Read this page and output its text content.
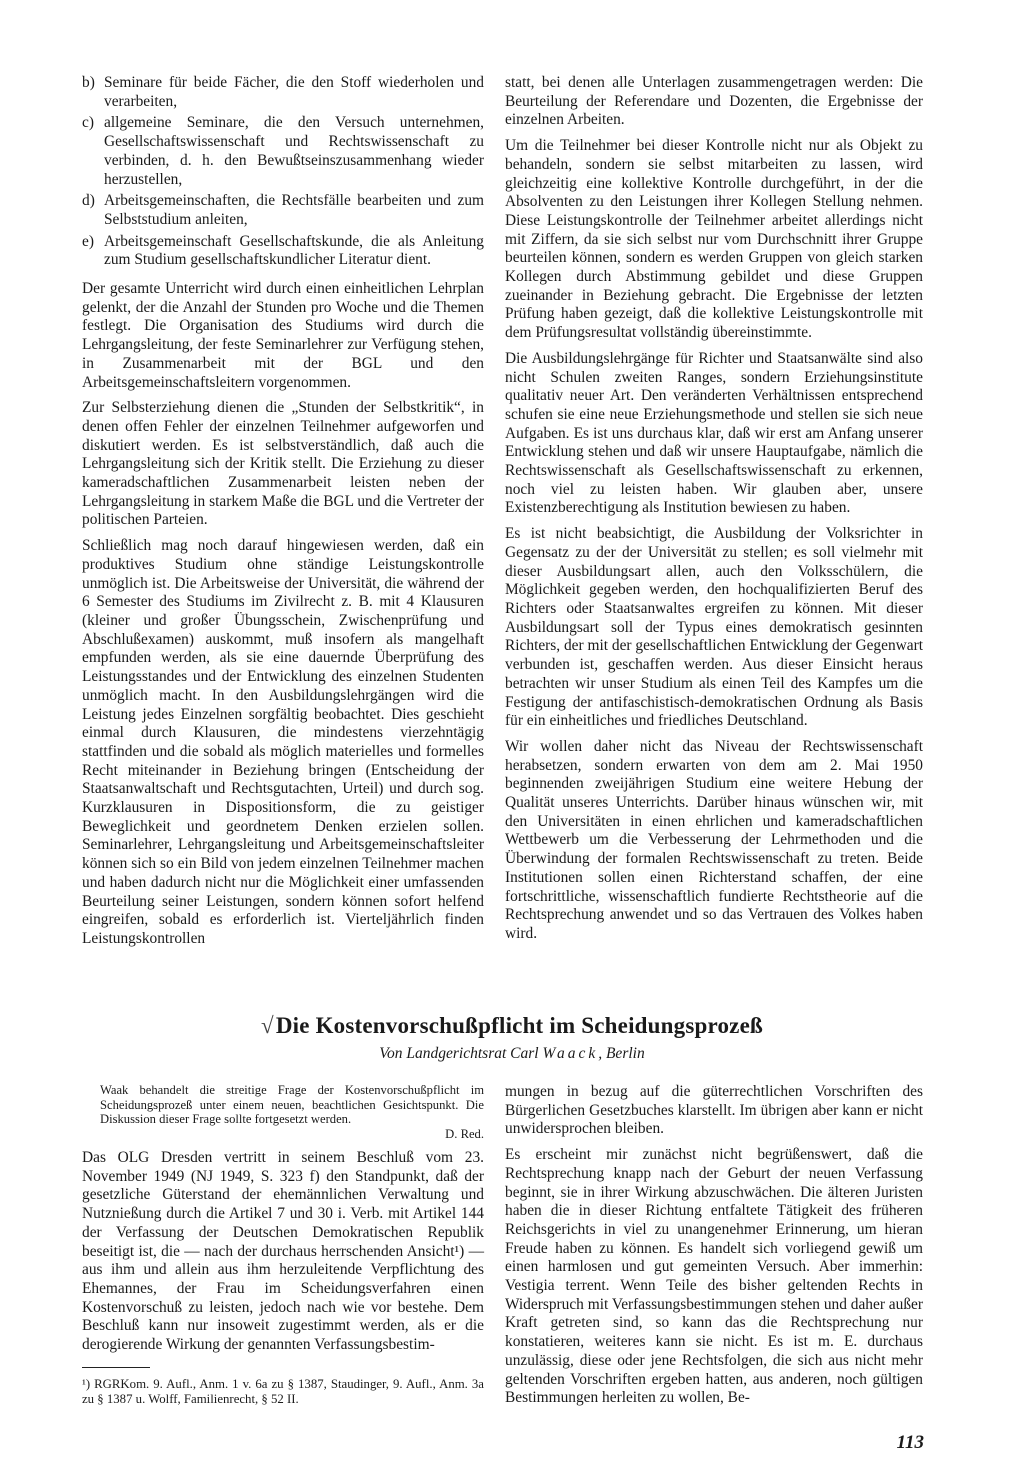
b) Seminare für beide Fächer, die den Stoff wiederholen und verarbeiten,
c) allgemeine Seminare, die den Versuch unternehmen, Gesellschaftswissenschaft und Rechtswissenschaft zu verbinden, d. h. den Bewußtseinszusammenhang wieder herzustellen,
d) Arbeitsgemeinschaften, die Rechtsfälle bearbeiten und zum Selbststudium anleiten,
e) Arbeitsgemeinschaft Gesellschaftskunde, die als Anleitung zum Studium gesellschaftskundlicher Literatur dient.

Der gesamte Unterricht wird durch einen einheitlichen Lehrplan gelenkt, der die Anzahl der Stunden pro Woche und die Themen festlegt. Die Organisation des Studiums wird durch die Lehrgangsleitung, der feste Seminarlehrer zur Verfügung stehen, in Zusammenarbeit mit der BGL und den Arbeitsgemeinschaftsleitern vorgenommen.

Zur Selbsterziehung dienen die „Stunden der Selbstkritik“, in denen offen Fehler der einzelnen Teilnehmer aufgeworfen und diskutiert werden. Es ist selbstverständlich, daß auch die Lehrgangsleitung sich der Kritik stellt. Die Erziehung zu dieser kameradschaftlichen Zusammenarbeit leisten neben der Lehrgangsleitung in starkem Maße die BGL und die Vertreter der politischen Parteien.

Schließlich mag noch darauf hingewiesen werden, daß ein produktives Studium ohne ständige Leistungskontrolle unmöglich ist. Die Arbeitsweise der Universität, die während der 6 Semester des Studiums im Zivilrecht z. B. mit 4 Klausuren (kleiner und großer Übungsschein, Zwischenprüfung und Abschlußexamen) auskommt, muß insofern als mangelhaft empfunden werden, als sie eine dauernde Überprüfung des Leistungsstandes und der Entwicklung des einzelnen Studenten unmöglich macht. In den Ausbildungslehrgängen wird die Leistung jedes Einzelnen sorgfältig beobachtet. Dies geschieht einmal durch Klausuren, die mindestens vierzehntägig stattfinden und die sobald als möglich materielles und formelles Recht miteinander in Beziehung bringen (Entscheidung der Staatsanwaltschaft und Rechtsgutachten, Urteil) und durch sog. Kurzklausuren in Dispositionsform, die zu geistiger Beweglichkeit und geordnetem Denken erzielen sollen. Seminarlehrer, Lehrgangsleitung und Arbeitsgemeinschaftsleiter können sich so ein Bild von jedem einzelnen Teilnehmer machen und haben dadurch nicht nur die Möglichkeit einer umfassenden Beurteilung seiner Leistungen, sondern können sofort helfend eingreifen, sobald es erforderlich ist. Vierteljährlich finden Leistungskontrollen

statt, bei denen alle Unterlagen zusammengetragen werden: Die Beurteilung der Referendare und Dozenten, die Ergebnisse der einzelnen Arbeiten.

Um die Teilnehmer bei dieser Kontrolle nicht nur als Objekt zu behandeln, sondern sie selbst mitarbeiten zu lassen, wird gleichzeitig eine kollektive Kontrolle durchgeführt, in der die Absolventen zu den Leistungen ihrer Kollegen Stellung nehmen. Diese Leistungskontrolle der Teilnehmer arbeitet allerdings nicht mit Ziffern, da sie sich selbst nur vom Durchschnitt ihrer Gruppe beurteilen können, sondern es werden Gruppen von gleich starken Kollegen durch Abstimmung gebildet und diese Gruppen zueinander in Beziehung gebracht. Die Ergebnisse der letzten Prüfung haben gezeigt, daß die kollektive Leistungskontrolle mit dem Prüfungsresultat vollständig übereinstimmte.

Die Ausbildungslehrgänge für Richter und Staatsanwälte sind also nicht Schulen zweiten Ranges, sondern Erziehungsinstitute qualitativ neuer Art. Den veränderten Verhältnissen entsprechend schufen sie eine neue Erziehungsmethode und stellen sie sich neue Aufgaben. Es ist uns durchaus klar, daß wir erst am Anfang unserer Entwicklung stehen und daß wir unsere Hauptaufgabe, nämlich die Rechtswissenschaft als Gesellschaftswissenschaft zu erkennen, noch viel zu leisten haben. Wir glauben aber, unsere Existenzberechtigung als Institution bewiesen zu haben.

Es ist nicht beabsichtigt, die Ausbildung der Volksrichter in Gegensatz zu der der Universität zu stellen; es soll vielmehr mit dieser Ausbildungsart allen, auch den Volksschülern, die Möglichkeit gegeben werden, den hochqualifizierten Beruf des Richters oder Staatsanwaltes ergreifen zu können. Mit dieser Ausbildungsart soll der Typus eines demokratisch gesinnten Richters, der mit der gesellschaftlichen Entwicklung der Gegenwart verbunden ist, geschaffen werden. Aus dieser Einsicht heraus betrachten wir unser Studium als einen Teil des Kampfes um die Festigung der antifaschistisch-demokratischen Ordnung als Basis für ein einheitliches und friedliches Deutschland.

Wir wollen daher nicht das Niveau der Rechtswissenschaft herabsetzen, sondern erwarten von dem am 2. Mai 1950 beginnenden zweijährigen Studium eine weitere Hebung der Qualität unseres Unterrichts. Darüber hinaus wünschen wir, mit den Universitäten in einen ehrlichen und kameradschaftlichen Wettbewerb um die Verbesserung der Lehrmethoden und die Überwindung der formalen Rechtswissenschaft zu treten. Beide Institutionen sollen einen Richterstand schaffen, der eine fortschrittliche, wissenschaftlich fundierte Rechtstheorie auf die Rechtsprechung anwendet und so das Vertrauen des Volkes haben wird.

√Die Kostenvorschußpflicht im Scheidungsprozeß
Von Landgerichtsrat Carl Waack, Berlin
Waak behandelt die streitige Frage der Kostenvorschußpflicht im Scheidungsprozeß unter einem neuen, beachtlichen Gesichtspunkt. Die Diskussion dieser Frage sollte fortgesetzt werden.
D. Red.

Das OLG Dresden vertritt in seinem Beschluß vom 23. November 1949 (NJ 1949, S. 323 f) den Standpunkt, daß der gesetzliche Güterstand der ehemännlichen Verwaltung und Nutznießung durch die Artikel 7 und 30 i. Verb. mit Artikel 144 der Verfassung der Deutschen Demokratischen Republik beseitigt ist, die — nach der durchaus herrschenden Ansicht¹) — aus ihm und allein aus ihm herzuleitende Verpflichtung des Ehemannes, der Frau im Scheidungsverfahren einen Kostenvorschuß zu leisten, jedoch nach wie vor bestehe. Dem Beschluß kann nur insoweit zugestimmt werden, als er die derogierende Wirkung der genannten Verfassungsbestim-

mungen in bezug auf die güterrechtlichen Vorschriften des Bürgerlichen Gesetzbuches klarstellt. Im übrigen aber kann er nicht unwidersprochen bleiben.

Es erscheint mir zunächst nicht begrüßenswert, daß die Rechtsprechung knapp nach der Geburt der neuen Verfassung beginnt, sie in ihrer Wirkung abzuschwächen. Die älteren Juristen haben die in dieser Richtung entfaltete Tätigkeit des früheren Reichsgerichts in viel zu unangenehmer Erinnerung, um hieran Freude haben zu können. Es handelt sich vorliegend gewiß um einen harmlosen und gut gemeinten Versuch. Aber immerhin: Vestigia terrent. Wenn Teile des bisher geltenden Rechts in Widerspruch mit Verfassungsbestimmungen stehen und daher außer Kraft getreten sind, so kann das die Rechtsprechung nur konstatieren, weiteres kann sie nicht. Es ist m. E. durchaus unzulässig, diese oder jene Rechtsfolgen, die sich aus nicht mehr geltenden Vorschriften ergeben hatten, aus anderen, noch gültigen Bestimmungen herleiten zu wollen, Be-

¹) RGRKom. 9. Aufl., Anm. 1 v. 6a zu § 1387, Staudinger, 9. Aufl., Anm. 3a zu § 1387 u. Wolff, Familienrecht, § 52 II.
113
